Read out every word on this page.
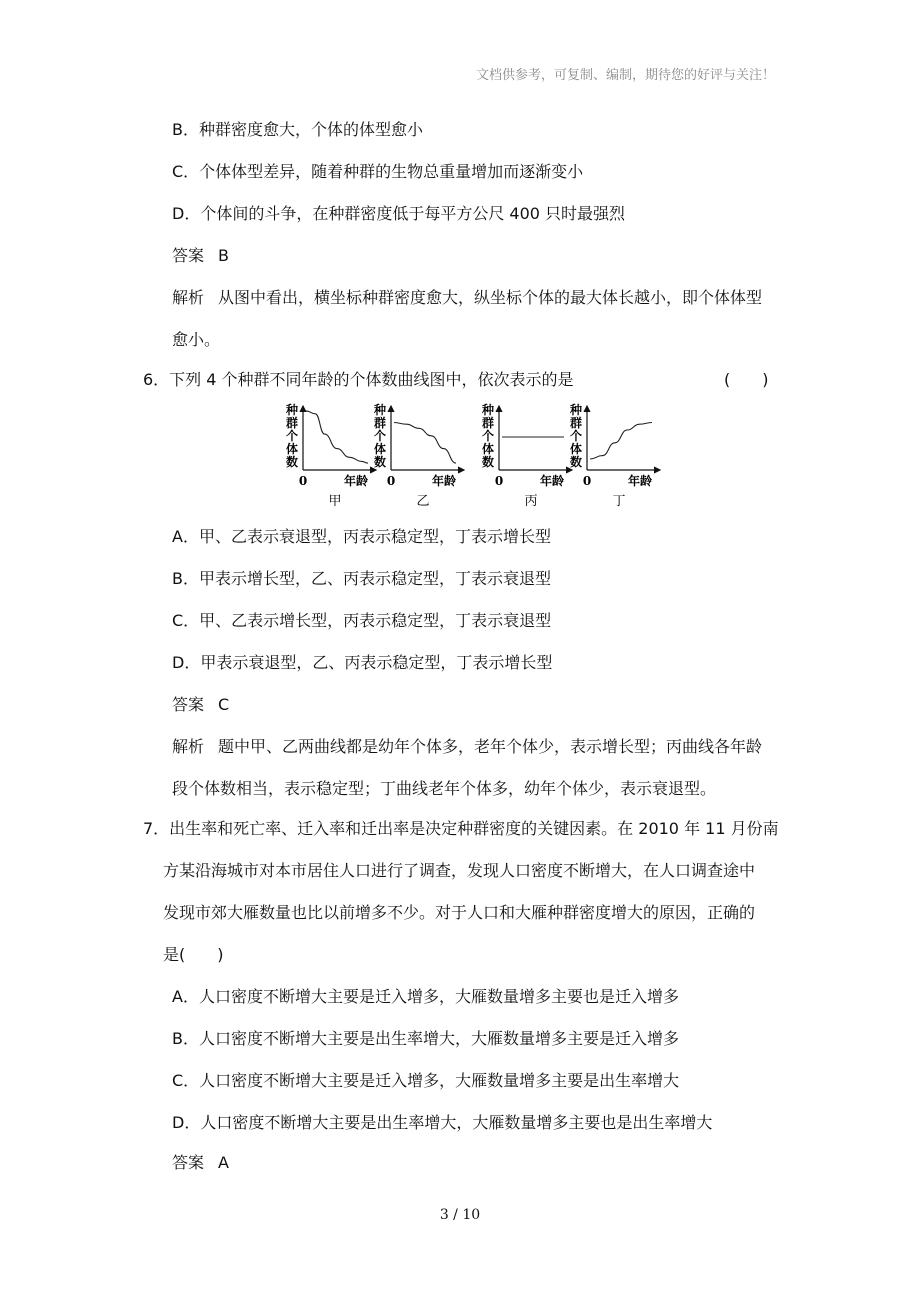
文档供参考，可复制、编制，期待您的好评与关注！
B．种群密度愈大，个体的体型愈小
C．个体体型差异，随着种群的生物总重量增加而逐渐变小
D．个体间的斗争，在种群密度低于每平方公尺 400 只时最强烈
答案 B
解析 从图中看出，横坐标种群密度愈大，纵坐标个体的最大体长越小，即个体体型
愈小。
6．下列 4 个种群不同年龄的个体数曲线图中，依次表示的是	(　　)
种
群
个
体
数
0	年龄
甲
种
群
个
体
数
0	年龄
乙
种
群
个
体
数
0	年龄
丙
种
群
个
体
数
0	年龄
丁
A．甲、乙表示衰退型，丙表示稳定型，丁表示增长型
B．甲表示增长型，乙、丙表示稳定型，丁表示衰退型
C．甲、乙表示增长型，丙表示稳定型，丁表示衰退型
D．甲表示衰退型，乙、丙表示稳定型，丁表示增长型
答案 C
解析 题中甲、乙两曲线都是幼年个体多，老年个体少，表示增长型；丙曲线各年龄
段个体数相当，表示稳定型；丁曲线老年个体多，幼年个体少，表示衰退型。
7．出生率和死亡率、迁入率和迁出率是决定种群密度的关键因素。在 2010 年 11 月份南
方某沿海城市对本市居住人口进行了调查，发现人口密度不断增大，在人口调查途中
发现市郊大雁数量也比以前增多不少。对于人口和大雁种群密度增大的原因，正确的
是(　　)
A．人口密度不断增大主要是迁入增多，大雁数量增多主要也是迁入增多
B．人口密度不断增大主要是出生率增大，大雁数量增多主要是迁入增多
C．人口密度不断增大主要是迁入增多，大雁数量增多主要是出生率增大
D．人口密度不断增大主要是出生率增大，大雁数量增多主要也是出生率增大
答案 A
3 / 10
